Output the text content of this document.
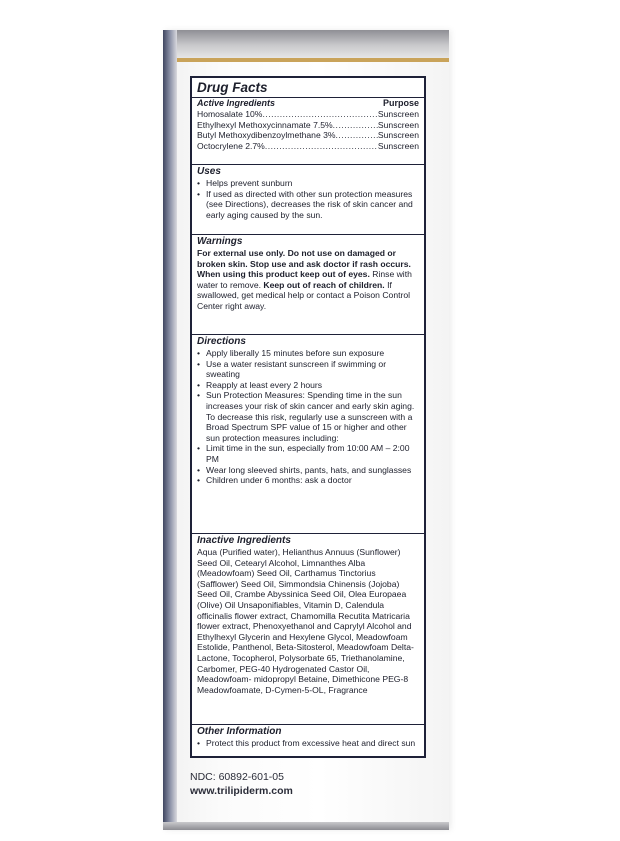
Drug Facts
Active Ingredients	Purpose
Homosalate 10% .....	Sunscreen
Ethylhexyl Methoxycinnamate 7.5% .....	Sunscreen
Butyl Methoxydibenzoylmethane 3% .....	Sunscreen
Octocrylene 2.7% .....	Sunscreen
Uses
• Helps prevent sunburn
• If used as directed with other sun protection measures (see Directions), decreases the risk of skin cancer and early aging caused by the sun.
Warnings
For external use only. Do not use on damaged or broken skin. Stop use and ask doctor if rash occurs. When using this product keep out of eyes. Rinse with water to remove. Keep out of reach of children. If swallowed, get medical help or contact a Poison Control Center right away.
Directions
• Apply liberally 15 minutes before sun exposure
• Use a water resistant sunscreen if swimming or sweating
• Reapply at least every 2 hours
• Sun Protection Measures: Spending time in the sun increases your risk of skin cancer and early skin aging. To decrease this risk, regularly use a sunscreen with a Broad Spectrum SPF value of 15 or higher and other sun protection measures including:
• Limit time in the sun, especially from 10:00 AM – 2:00 PM
• Wear long sleeved shirts, pants, hats, and sunglasses
• Children under 6 months: ask a doctor
Inactive Ingredients
Aqua (Purified water), Helianthus Annuus (Sunflower) Seed Oil, Cetearyl Alcohol, Limnanthes Alba (Meadowfoam) Seed Oil, Carthamus Tinctorius (Safflower) Seed Oil, Simmondsia Chinensis (Jojoba) Seed Oil, Crambe Abyssinica Seed Oil, Olea Europaea (Olive) Oil Unsaponifiables, Vitamin D, Calendula officinalis flower extract, Chamomilla Recutita Matricaria flower extract, Phenoxyethanol and Caprylyl Alcohol and Ethylhexyl Glycerin and Hexylene Glycol, Meadowfoam Estolide, Panthenol, Beta-Sitosterol, Meadowfoam Delta-Lactone, Tocopherol, Polysorbate 65, Triethanolamine, Carbomer, PEG-40 Hydrogenated Castor Oil, Meadowfoam- midopropyl Betaine, Dimethicone PEG-8 Meadowfoamate, D-Cymen-5-OL, Fragrance
Other Information
• Protect this product from excessive heat and direct sun
NDC: 60892-601-05
www.trilipiderm.com
